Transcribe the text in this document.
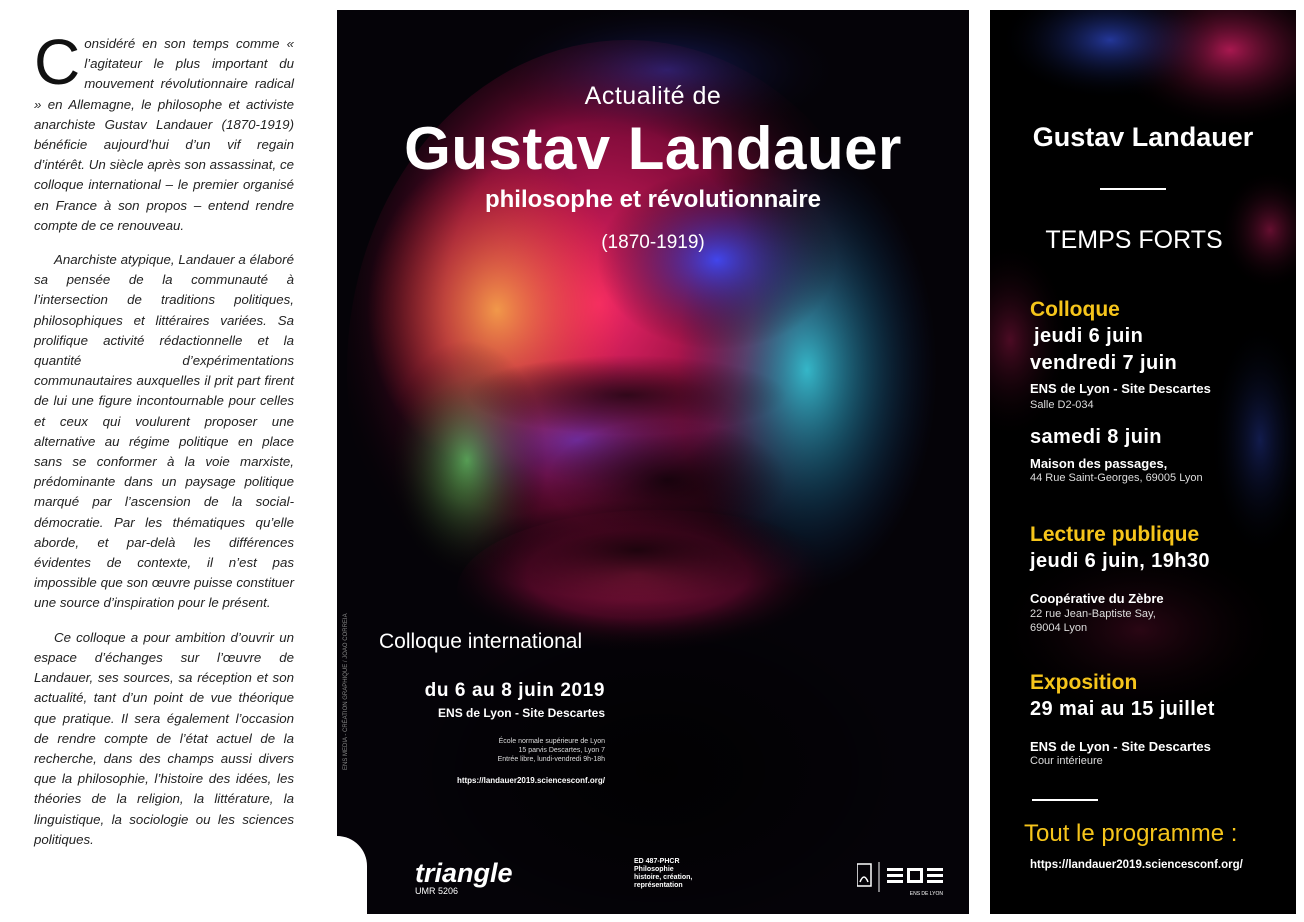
Considéré en son temps comme « l’agitateur le plus important du mouvement révolutionnaire radical » en Allemagne, le philosophe et activiste anarchiste Gustav Landauer (1870-1919) bénéficie aujourd’hui d’un vif regain d’intérêt. Un siècle après son assassinat, ce colloque international – le premier organisé en France à son propos – entend rendre compte de ce renouveau.

Anarchiste atypique, Landauer a élaboré sa pensée de la communauté à l’intersection de traditions politiques, philosophiques et littéraires variées. Sa prolifique activité rédactionnelle et la quantité d’expérimentations communautaires auxquelles il prit part firent de lui une figure incontournable pour celles et ceux qui voulurent proposer une alternative au régime politique en place sans se conformer à la voie marxiste, prédominante dans un paysage politique marqué par l’ascension de la social-démocratie. Par les thématiques qu’elle aborde, et par-delà les différences évidentes de contexte, il n’est pas impossible que son œuvre puisse constituer une source d’inspiration pour le présent.

Ce colloque a pour ambition d’ouvrir un espace d’échanges sur l’œuvre de Landauer, ses sources, sa réception et son actualité, tant d’un point de vue théorique que pratique. Il sera également l’occasion de rendre compte de l’état actuel de la recherche, dans des champs aussi divers que la philosophie, l’histoire des idées, les théories de la religion, la littérature, la linguistique, la sociologie ou les sciences politiques.

Actualité de
Gustav Landauer
philosophe et révolutionnaire
(1870-1919)
Colloque international
du 6 au 8 juin 2019
ENS de Lyon - Site Descartes
École normale supérieure de Lyon
15 parvis Descartes, Lyon 7
Entrée libre, lundi-vendredi 9h-18h
https://landauer2019.sciencesconf.org/
ENS MEDIA - CRÉATION GRAPHIQUE / JOAO CORREIA
triangle
UMR 5206
ED 487-PHCR
Philosophie
histoire, création,
représentation
ENS DE LYON
Gustav Landauer
TEMPS FORTS
Colloque
jeudi 6 juin
vendredi 7 juin
ENS de Lyon - Site Descartes
Salle D2-034
samedi 8 juin
Maison des passages,
44 Rue Saint-Georges, 69005 Lyon
Lecture publique
jeudi 6 juin, 19h30
Coopérative du Zèbre
22 rue Jean-Baptiste Say,
69004 Lyon
Exposition
29 mai au 15 juillet
ENS de Lyon - Site Descartes
Cour intérieure
Tout le programme :
https://landauer2019.sciencesconf.org/
